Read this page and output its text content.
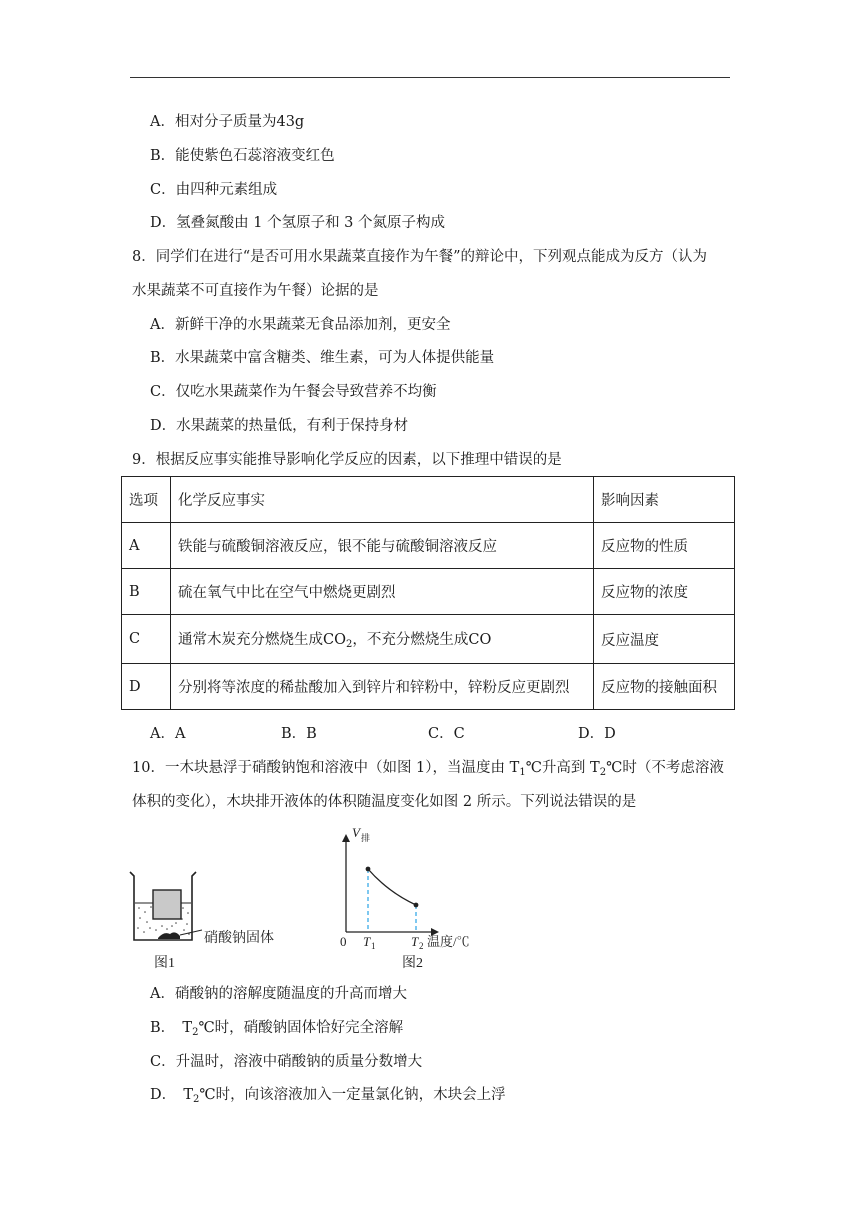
A．相对分子质量为43g
B．能使紫色石蕊溶液变红色
C．由四种元素组成
D．氢叠氮酸由 1 个氢原子和 3 个氮原子构成
8．同学们在进行“是否可用水果蔬菜直接作为午餐”的辩论中，下列观点能成为反方（认为
水果蔬菜不可直接作为午餐）论据的是
A．新鲜干净的水果蔬菜无食品添加剂，更安全
B．水果蔬菜中富含糖类、维生素，可为人体提供能量
C．仅吃水果蔬菜作为午餐会导致营养不均衡
D．水果蔬菜的热量低，有利于保持身材
9．根据反应事实能推导影响化学反应的因素，以下推理中错误的是
选项	化学反应事实	影响因素
A	铁能与硫酸铜溶液反应，银不能与硫酸铜溶液反应	反应物的性质
B	硫在氧气中比在空气中燃烧更剧烈	反应物的浓度
C	通常木炭充分燃烧生成$CO_2$，不充分燃烧生成CO	反应温度
D	分别将等浓度的稀盐酸加入到锌片和锌粉中，锌粉反应更剧烈	反应物的接触面积
A．A	B．B	C．C	D．D
10．一木块悬浮于硝酸钠饱和溶液中（如图 1），当温度由 $T_1℃$升高到 $T_2℃$时（不考虑溶液
体积的变化），木块排开液体的体积随温度变化如图 2 所示。下列说法错误的是
硝酸钠固体
图1
V 排
0 T 1	T 2 温度/℃
图2
A．硝酸钠的溶解度随温度的升高而增大
B．　$T_2℃$时，硝酸钠固体恰好完全溶解
C．升温时，溶液中硝酸钠的质量分数增大
D．　$T_2℃$时，向该溶液加入一定量氯化钠，木块会上浮
